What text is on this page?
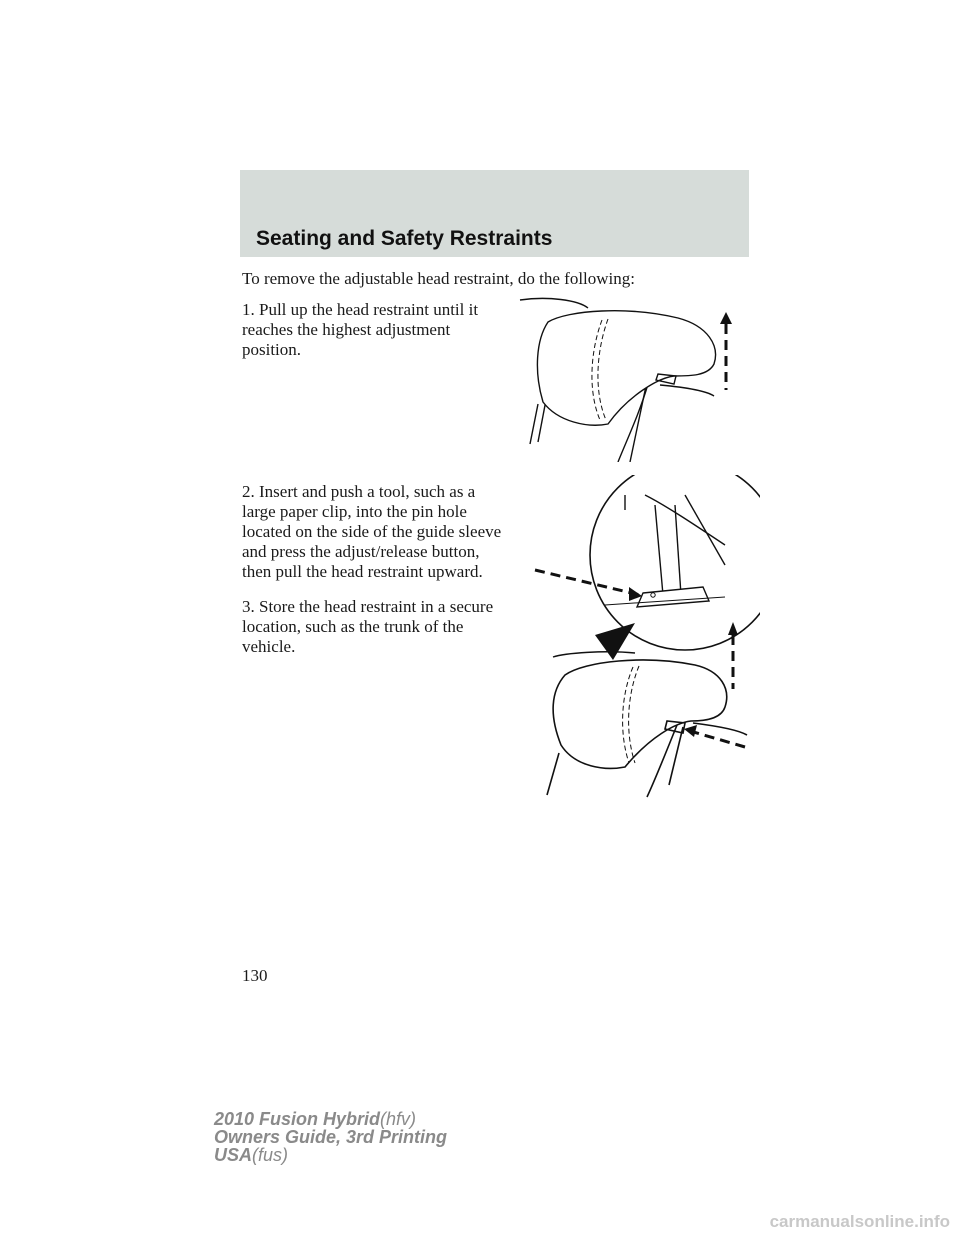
Seating and Safety Restraints

To remove the adjustable head restraint, do the following:

1. Pull up the head restraint until it reaches the highest adjustment position.

2. Insert and push a tool, such as a large paper clip, into the pin hole located on the side of the guide sleeve and press the adjust/release button, then pull the head restraint upward.

3. Store the head restraint in a secure location, such as the trunk of the vehicle.

130
2010 Fusion Hybrid(hfv)
Owners Guide, 3rd Printing
USA(fus)
carmanualsonline.info
